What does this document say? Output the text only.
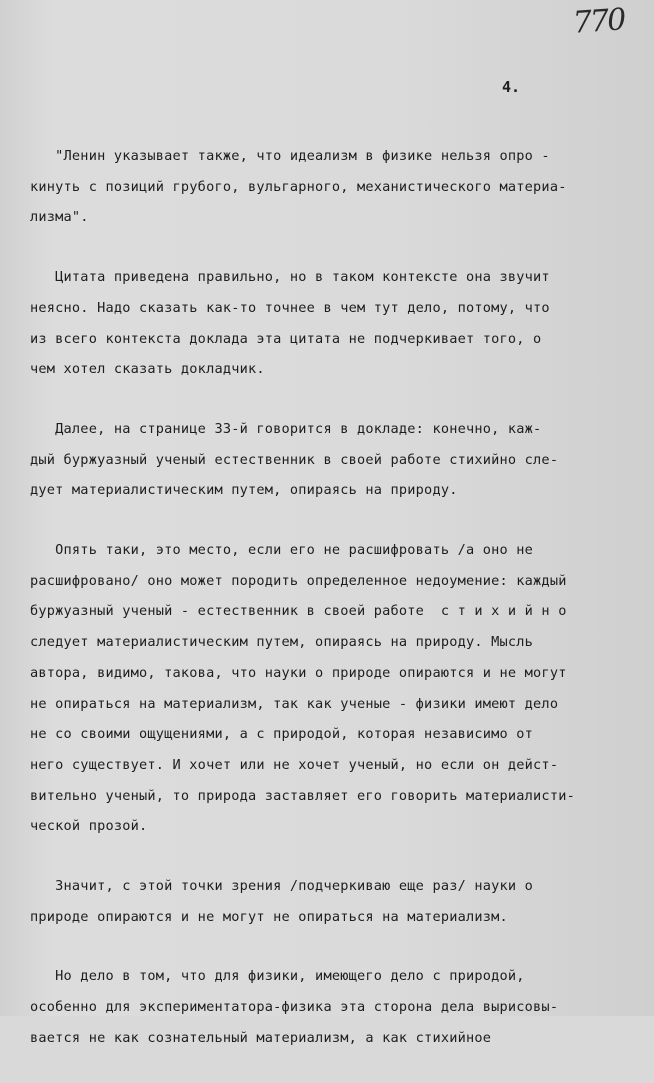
770
4.
"Ленин указывает также, что идеализм в физике нельзя опро -
кинуть с позиций грубого, вульгарного, механистического материа-
лизма".
Цитата приведена правильно, но в таком контексте она звучит
неясно. Надо сказать как-то точнее в чем тут дело, потому, что
из всего контекста доклада эта цитата не подчеркивает того, о
чем хотел сказать докладчик.
Далее, на странице 33-й говорится в докладе: конечно, каж-
дый буржуазный ученый естественник в своей работе стихийно сле-
дует материалистическим путем, опираясь на природу.
Опять таки, это место, если его не расшифровать /а оно не
расшифровано/ оно может породить определенное недоумение: каждый
буржуазный ученый - естественник в своей работе  с т и х и й н о
следует материалистическим путем, опираясь на природу. Мысль
автора, видимо, такова, что науки о природе опираются и не могут
не опираться на материализм, так как ученые - физики имеют дело
не со своими ощущениями, а с природой, которая независимо от
него существует. И хочет или не хочет ученый, но если он дейст-
вительно ученый, то природа заставляет его говорить материалисти-
ческой прозой.
Значит, с этой точки зрения /подчеркиваю еще раз/ науки о
природе опираются и не могут не опираться на материализм.
Но дело в том, что для физики, имеющего дело с природой,
особенно для экспериментатора-физика эта сторона дела вырисовы-
вается не как сознательный материализм, а как стихийное
